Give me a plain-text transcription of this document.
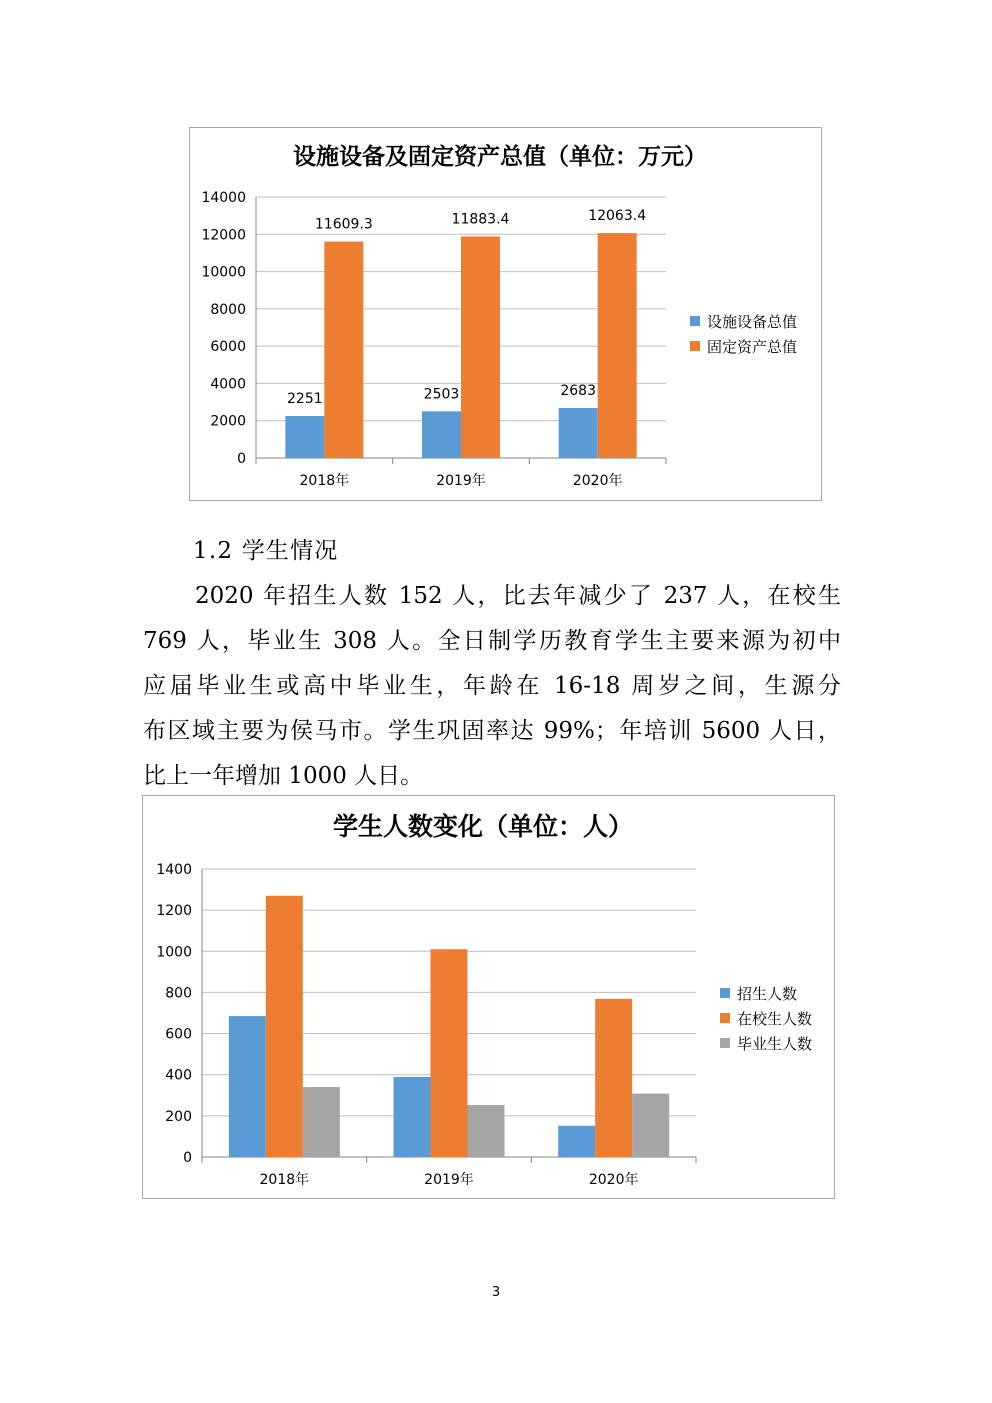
设施设备及固定资产总值（单位：万元）
0
2000
4000
6000
8000
10000
12000
14000
2018年
2251
11609.3
2019年
2503
11883.4
2020年
2683
12063.4
设施设备总值
固定资产总值
1.2 学生情况
2020 年招生人数 152 人，比去年减少了 237 人，在校生
769 人，毕业生 308 人。全日制学历教育学生主要来源为初中
应届毕业生或高中毕业生，年龄在 16-18 周岁之间，生源分
布区域主要为侯马市。学生巩固率达 99%；年培训 5600 人日，
比上一年增加 1000 人日。
学生人数变化（单位：人）
0
200
400
600
800
1000
1200
1400
2018年	2019年	2020年
招生人数
在校生人数
毕业生人数
3
